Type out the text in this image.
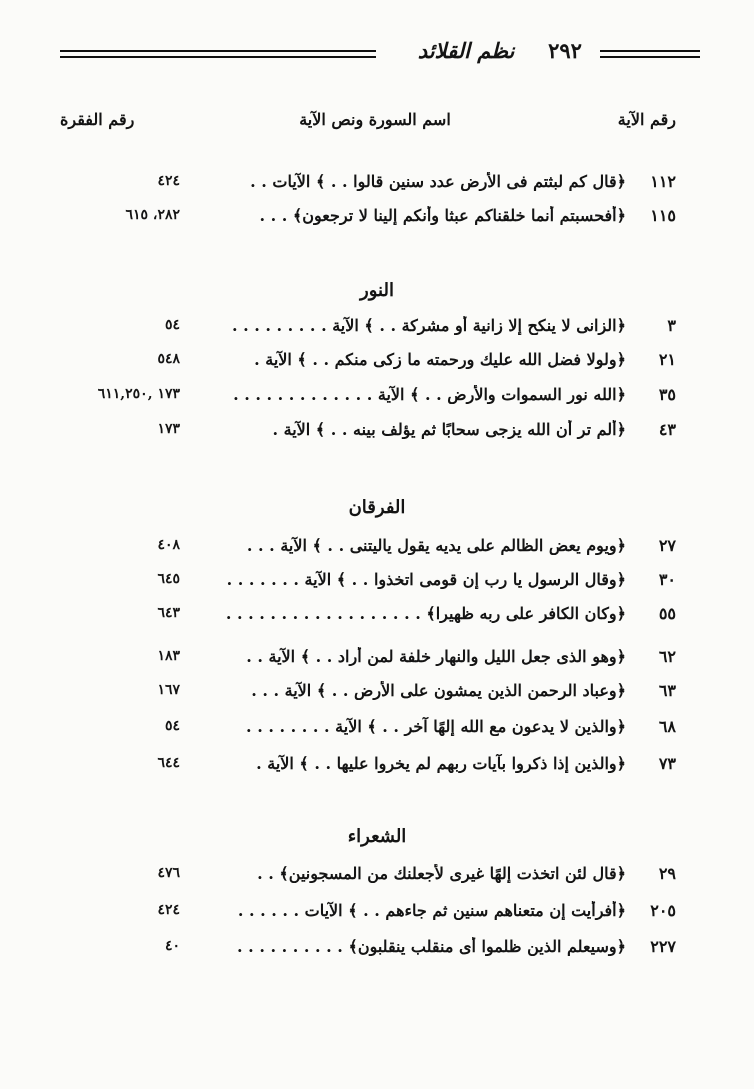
نظم القلائد	٢٩٢
رقم الآية
اسم السورة ونص الآية
رقم الفقرة
١١٢
﴿قال كم لبثتم فى الأرض عدد سنين قالوا . . ﴾ الآيات . .
٤٢٤
١١٥
﴿أفحسبتم أنما خلقناكم عبثا وأنكم إلينا لا ترجعون﴾ . . .
٢٨٢، ٦١٥
النور
٣
﴿الزانى لا ينكح إلا زانية أو مشركة . . ﴾ الآية . . . . . . . . .
٥٤
٢١
﴿ولولا فضل الله عليك ورحمته ما زكى منكم . . ﴾ الآية .
٥٤٨
٣٥
﴿الله نور السموات والأرض . . ﴾ الآية . . . . . . . . . . . . .
١٧٣ ,٦١١,٢٥٠
٤٣
﴿ألم تر أن الله يزجى سحابًا ثم يؤلف بينه . . ﴾ الآية .
١٧٣
الفرقان
٢٧
﴿ويوم يعض الظالم على يديه يقول ياليتنى . . ﴾ الآية . . .
٤٠٨
٣٠
﴿وقال الرسول يا رب إن قومى اتخذوا . . ﴾ الآية . . . . . . .
٦٤٥
٥٥
﴿وكان الكافر على ربه ظهيرا﴾ . . . . . . . . . . . . . . . . . .
٦٤٣
٦٢
﴿وهو الذى جعل الليل والنهار خلفة لمن أراد . . ﴾ الآية . .
١٨٣
٦٣
﴿وعباد الرحمن الذين يمشون على الأرض . . ﴾ الآية . . .
١٦٧
٦٨
﴿والذين لا يدعون مع الله إلهًا آخر . . ﴾ الآية . . . . . . . .
٥٤
٧٣
﴿والذين إذا ذكروا بآيات ربهم لم يخروا عليها . . ﴾ الآية .
٦٤٤
الشعراء
٢٩
﴿قال لئن اتخذت إلهًا غيرى لأجعلنك من المسجونين﴾ . .
٤٧٦
٢٠٥
﴿أفرأيت إن متعناهم سنين ثم جاءهم . . ﴾ الآيات . . . . . .
٤٢٤
٢٢٧
﴿وسيعلم الذين ظلموا أى منقلب ينقلبون﴾ . . . . . . . . . .
٤٠
